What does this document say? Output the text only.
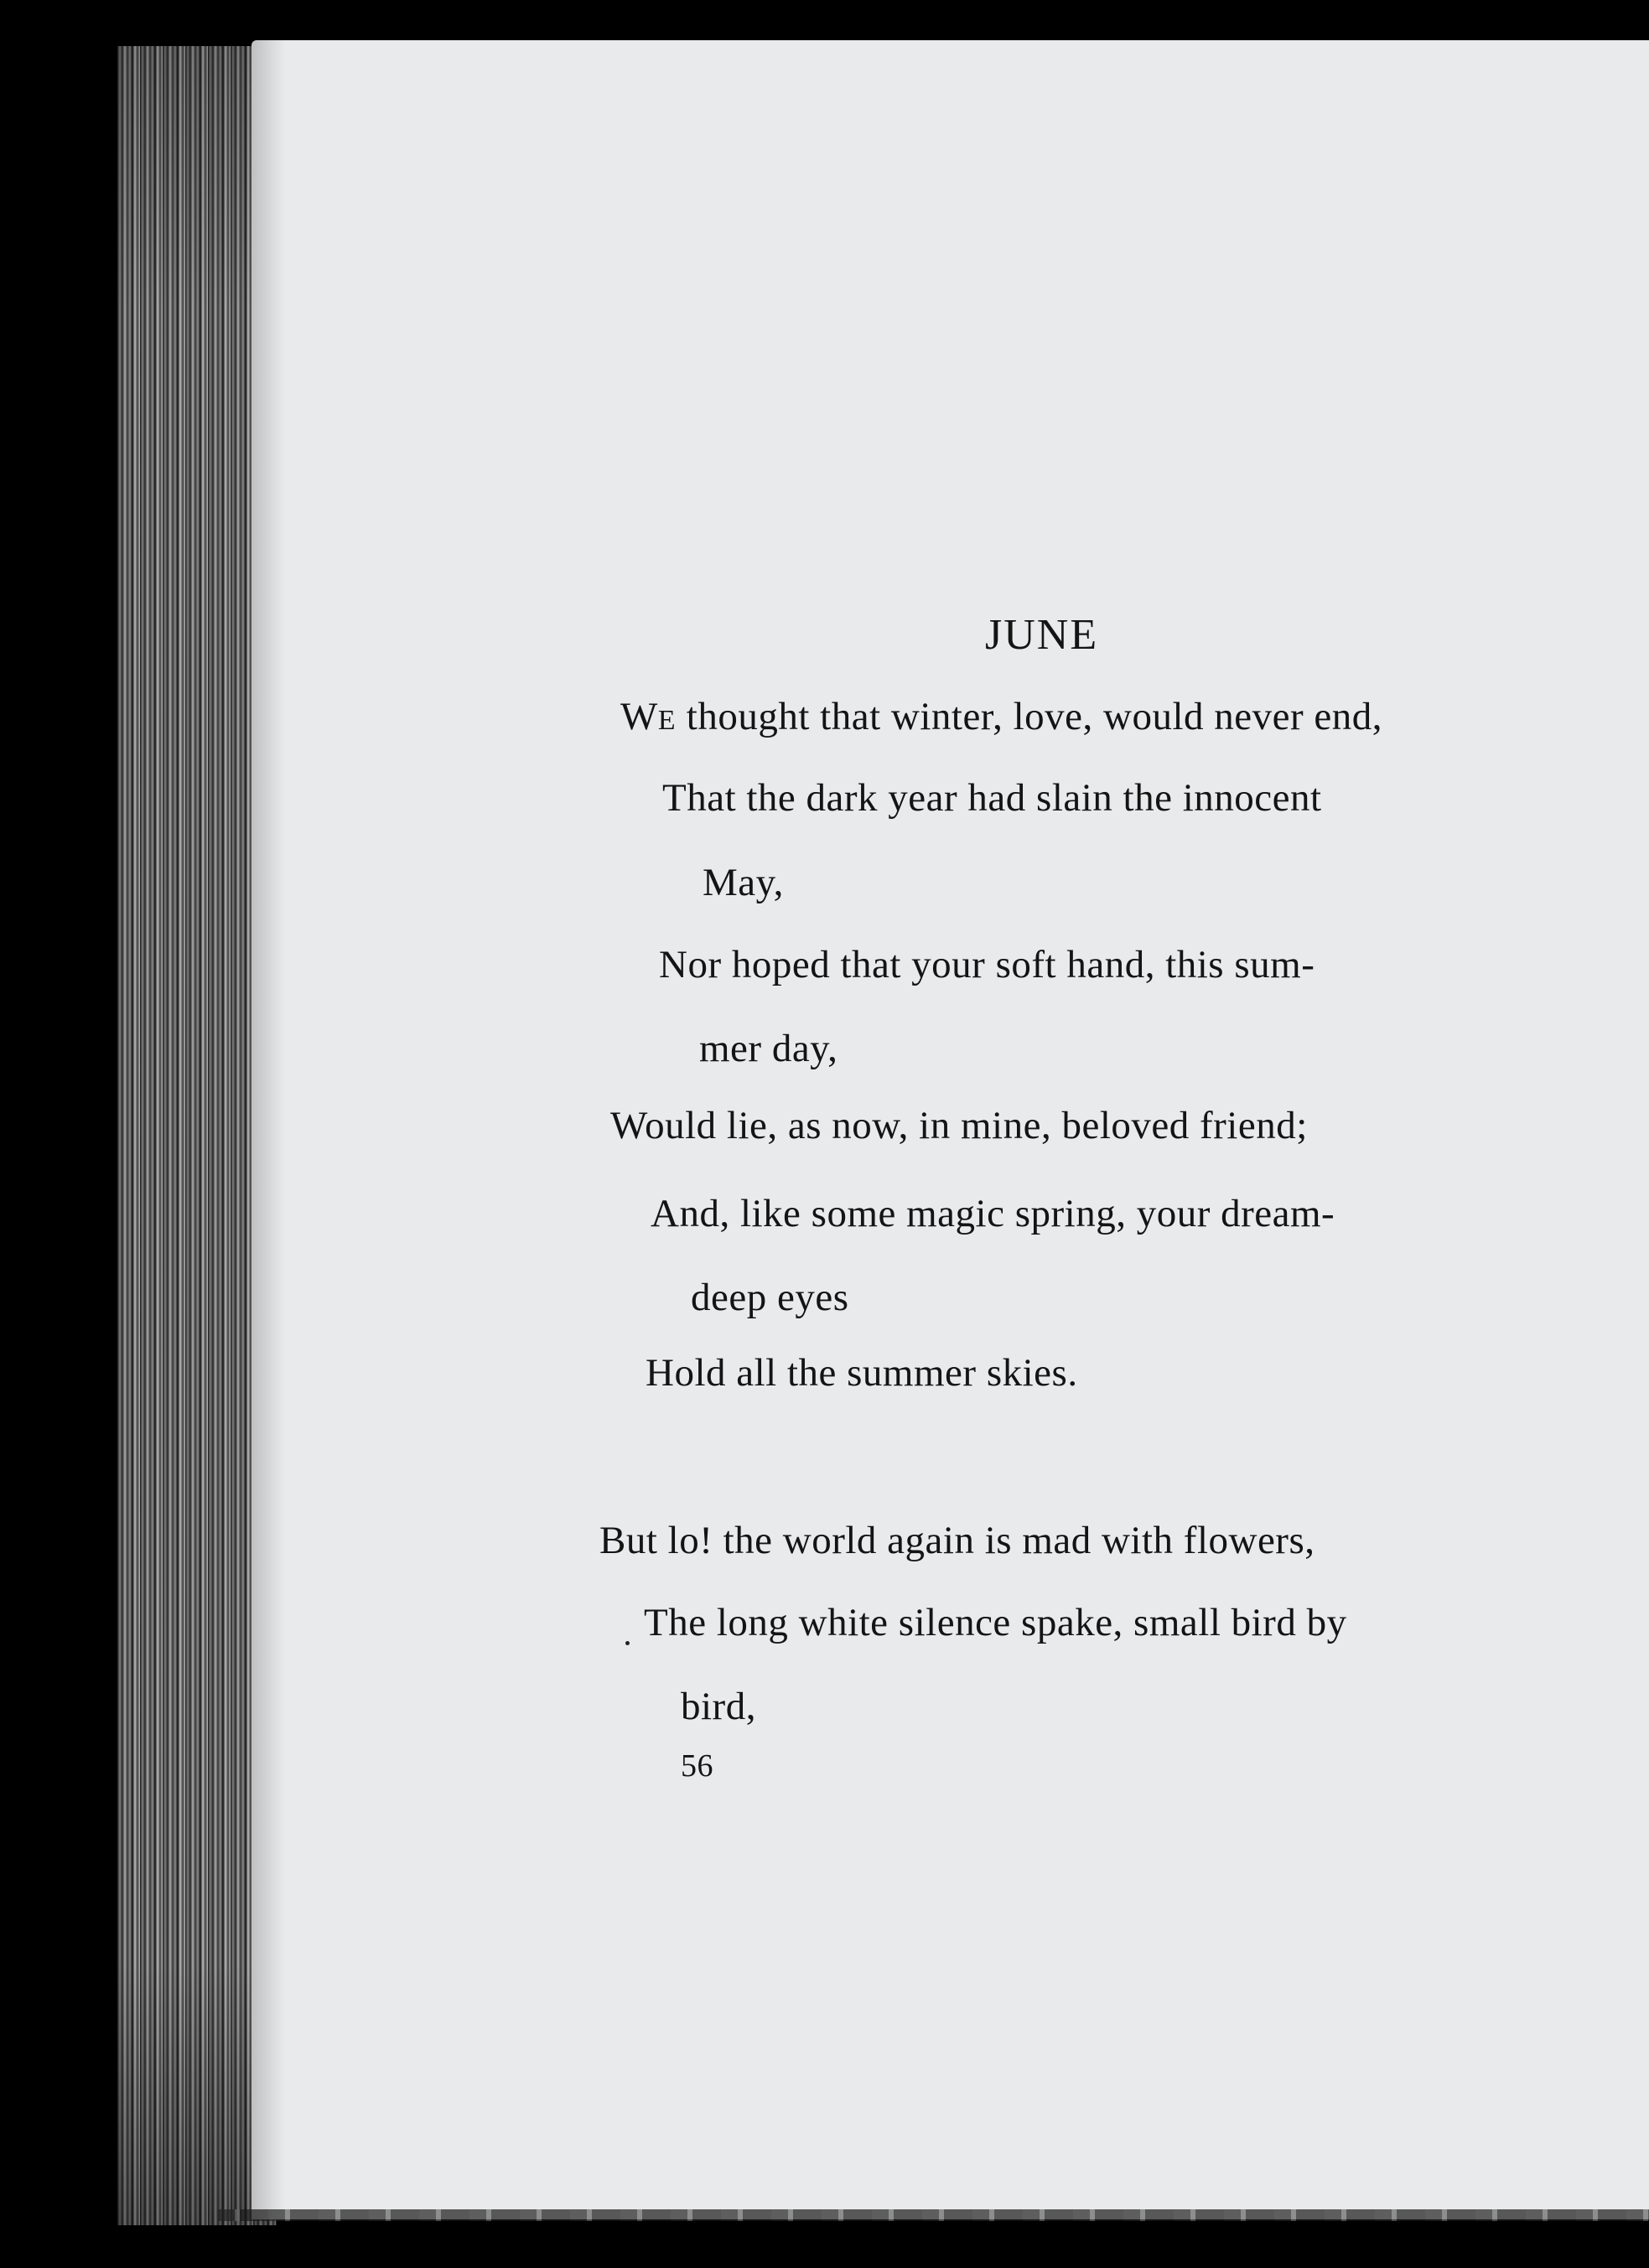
JUNE
WE thought that winter, love, would never end,
That the dark year had slain the innocent
May,
Nor hoped that your soft hand, this sum-
mer day,
Would lie, as now, in mine, beloved friend;
And, like some magic spring, your dream-
deep eyes
Hold all the summer skies.
But lo! the world again is mad with flowers,
The long white silence spake, small bird by
bird,
56
